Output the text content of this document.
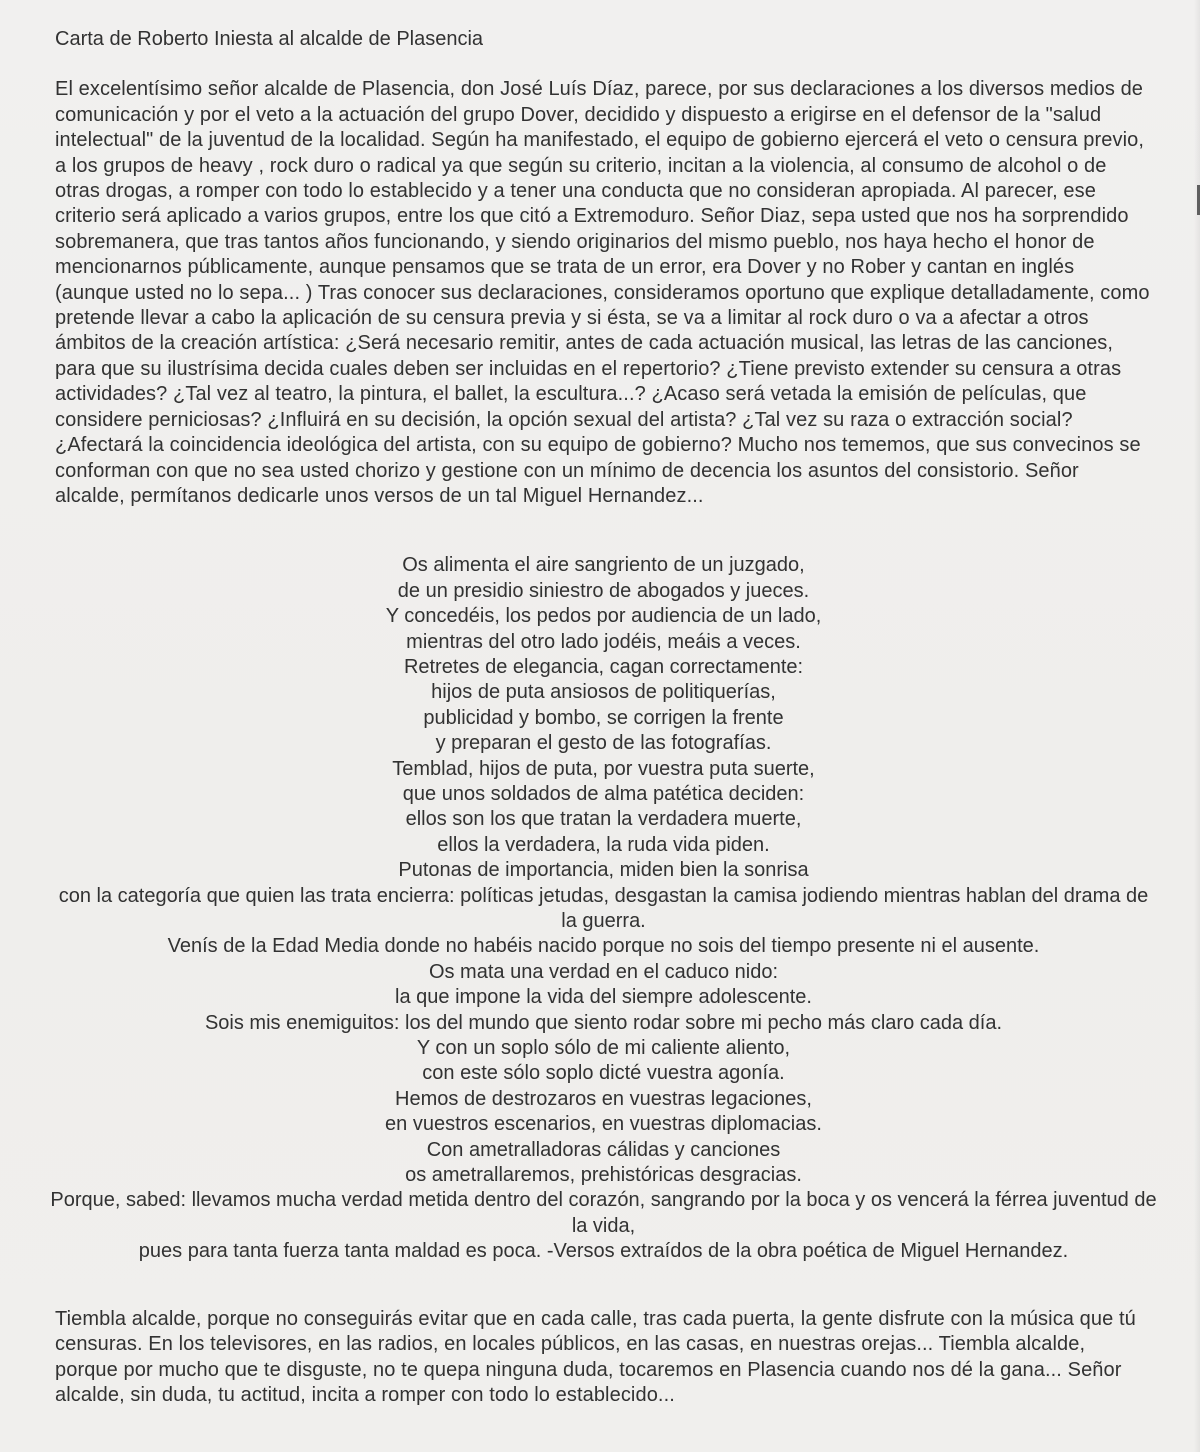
Carta de Roberto Iniesta al alcalde de Plasencia

El excelentísimo señor alcalde de Plasencia, don José Luís Díaz, parece, por sus declaraciones a los diversos medios de comunicación y por el veto a la actuación del grupo Dover, decidido y dispuesto a erigirse en el defensor de la "salud intelectual" de la juventud de la localidad. Según ha manifestado, el equipo de gobierno ejercerá el veto o censura previo, a los grupos de heavy , rock duro o radical ya que según su criterio, incitan a la violencia, al consumo de alcohol o de otras drogas, a romper con todo lo establecido y a tener una conducta que no consideran apropiada. Al parecer, ese criterio será aplicado a varios grupos, entre los que citó a Extremoduro. Señor Diaz, sepa usted que nos ha sorprendido sobremanera, que tras tantos años funcionando, y siendo originarios del mismo pueblo, nos haya hecho el honor de mencionarnos públicamente, aunque pensamos que se trata de un error, era Dover y no Rober y cantan en inglés (aunque usted no lo sepa... ) Tras conocer sus declaraciones, consideramos oportuno que explique detalladamente, como pretende llevar a cabo la aplicación de su censura previa y si ésta, se va a limitar al rock duro o va a afectar a otros ámbitos de la creación artística: ¿Será necesario remitir, antes de cada actuación musical, las letras de las canciones, para que su ilustrísima decida cuales deben ser incluidas en el repertorio? ¿Tiene previsto extender su censura a otras actividades? ¿Tal vez al teatro, la pintura, el ballet, la escultura...? ¿Acaso será vetada la emisión de películas, que considere perniciosas? ¿Influirá en su decisión, la opción sexual del artista? ¿Tal vez su raza o extracción social? ¿Afectará la coincidencia ideológica del artista, con su equipo de gobierno? Mucho nos tememos, que sus convecinos se conforman con que no sea usted chorizo y gestione con un mínimo de decencia los asuntos del consistorio. Señor alcalde, permítanos dedicarle unos versos de un tal Miguel Hernandez...

Os alimenta el aire sangriento de un juzgado,
de un presidio siniestro de abogados y jueces.
Y concedéis, los pedos por audiencia de un lado,
mientras del otro lado jodéis, meáis a veces.
Retretes de elegancia, cagan correctamente:
hijos de puta ansiosos de politiquerías,
publicidad y bombo, se corrigen la frente
y preparan el gesto de las fotografías.
Temblad, hijos de puta, por vuestra puta suerte,
que unos soldados de alma patética deciden:
ellos son los que tratan la verdadera muerte,
ellos la verdadera, la ruda vida piden.
Putonas de importancia, miden bien la sonrisa
con la categoría que quien las trata encierra: políticas jetudas, desgastan la camisa jodiendo mientras hablan del drama de la guerra.
Venís de la Edad Media donde no habéis nacido porque no sois del tiempo presente ni el ausente.
Os mata una verdad en el caduco nido:
la que impone la vida del siempre adolescente.
Sois mis enemiguitos: los del mundo que siento rodar sobre mi pecho más claro cada día.
Y con un soplo sólo de mi caliente aliento,
con este sólo soplo dicté vuestra agonía.
Hemos de destrozaros en vuestras legaciones,
en vuestros escenarios, en vuestras diplomacias.
Con ametralladoras cálidas y canciones
os ametrallaremos, prehistóricas desgracias.
Porque, sabed: llevamos mucha verdad metida dentro del corazón, sangrando por la boca y os vencerá la férrea juventud de la vida,
pues para tanta fuerza tanta maldad es poca. -Versos extraídos de la obra poética de Miguel Hernandez.

Tiembla alcalde, porque no conseguirás evitar que en cada calle, tras cada puerta, la gente disfrute con la música que tú censuras. En los televisores, en las radios, en locales públicos, en las casas, en nuestras orejas... Tiembla alcalde, porque por mucho que te disguste, no te quepa ninguna duda, tocaremos en Plasencia cuando nos dé la gana... Señor alcalde, sin duda, tu actitud, incita a romper con todo lo establecido...
